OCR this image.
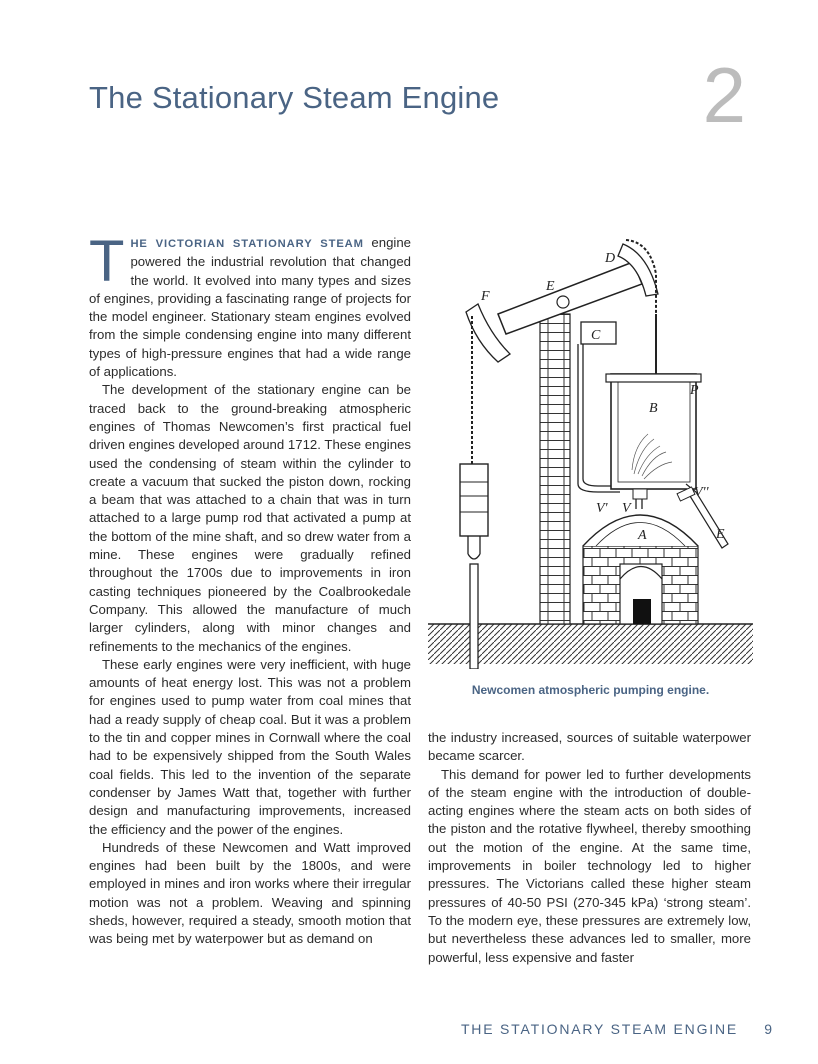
The Stationary Steam Engine	2

THE VICTORIAN STATIONARY STEAM engine powered the industrial revolution that changed the world. It evolved into many types and sizes of engines, providing a fascinating range of projects for the model engineer. Stationary steam engines evolved from the simple condensing engine into many different types of high-pressure engines that had a wide range of applications.

The development of the stationary engine can be traced back to the ground-breaking atmospheric engines of Thomas Newcomen’s first practical fuel driven engines developed around 1712. These engines used the condensing of steam within the cylinder to create a vacuum that sucked the piston down, rocking a beam that was attached to a chain that was in turn attached to a large pump rod that activated a pump at the bottom of the mine shaft, and so drew water from a mine. These engines were gradually refined throughout the 1700s due to improvements in iron casting techniques pioneered by the Coalbrookedale Company. This allowed the manufacture of much larger cylinders, along with minor changes and refinements to the mechanics of the engines.

These early engines were very inefficient, with huge amounts of heat energy lost. This was not a problem for engines used to pump water from coal mines that had a ready supply of cheap coal. But it was a problem to the tin and copper mines in Cornwall where the coal had to be expensively shipped from the South Wales coal fields. This led to the invention of the separate condenser by James Watt that, together with further design and manufacturing improvements, increased the efficiency and the power of the engines.

Hundreds of these Newcomen and Watt improved engines had been built by the 1800s, and were employed in mines and iron works where their irregular motion was not a problem. Weaving and spinning sheds, however, required a steady, smooth motion that was being met by waterpower but as demand on

D
E
F
C
B
P
A
V' V
V''
E
Newcomen atmospheric pumping engine.

the industry increased, sources of suitable waterpower became scarcer.

This demand for power led to further developments of the steam engine with the introduction of double-acting engines where the steam acts on both sides of the piston and the rotative flywheel, thereby smoothing out the motion of the engine. At the same time, improvements in boiler technology led to higher pressures. The Victorians called these higher steam pressures of 40-50 PSI (270-345 kPa) ‘strong steam’. To the modern eye, these pressures are extremely low, but nevertheless these advances led to smaller, more powerful, less expensive and faster

THE STATIONARY STEAM ENGINE 9
